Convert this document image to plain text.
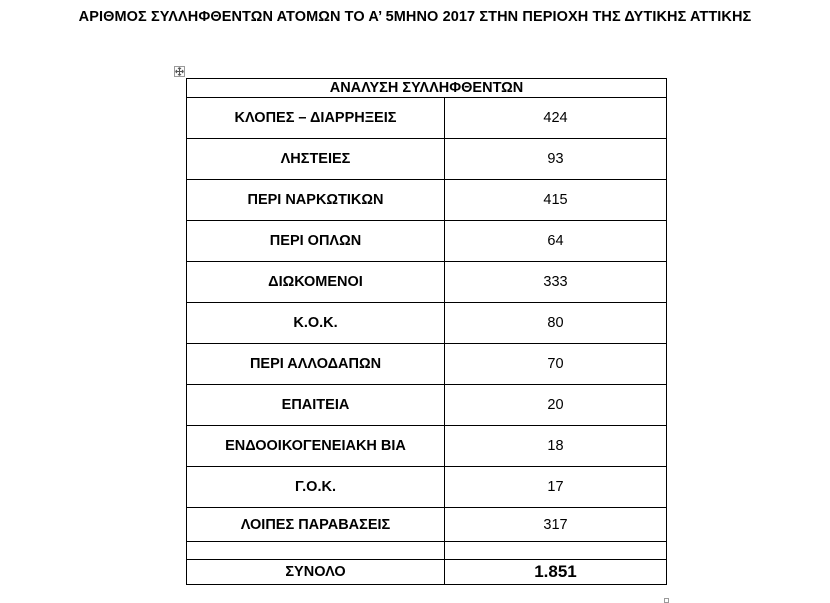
ΑΡΙΘΜΟΣ ΣΥΛΛΗΦΘΕΝΤΩΝ ΑΤΟΜΩΝ ΤΟ Α’ 5ΜΗΝΟ 2017 ΣΤΗΝ ΠΕΡΙΟΧΗ ΤΗΣ ΔΥΤΙΚΗΣ ΑΤΤΙΚΗΣ
ΑΝΑΛΥΣΗ ΣΥΛΛΗΦΘΕΝΤΩΝ	
ΚΛΟΠΕΣ – ΔΙΑΡΡΗΞΕΙΣ	424
ΛΗΣΤΕΙΕΣ	93
ΠΕΡΙ ΝΑΡΚΩΤΙΚΩΝ	415
ΠΕΡΙ ΟΠΛΩΝ	64
ΔΙΩΚΟΜΕΝΟΙ	333
Κ.Ο.Κ.	80
ΠΕΡΙ ΑΛΛΟΔΑΠΩΝ	70
ΕΠΑΙΤΕΙΑ	20
ΕΝΔΟΟΙΚΟΓΕΝΕΙΑΚΗ ΒΙΑ	18
Γ.Ο.Κ.	17
ΛΟΙΠΕΣ ΠΑΡΑΒΑΣΕΙΣ	317

ΣΥΝΟΛΟ	1.851
